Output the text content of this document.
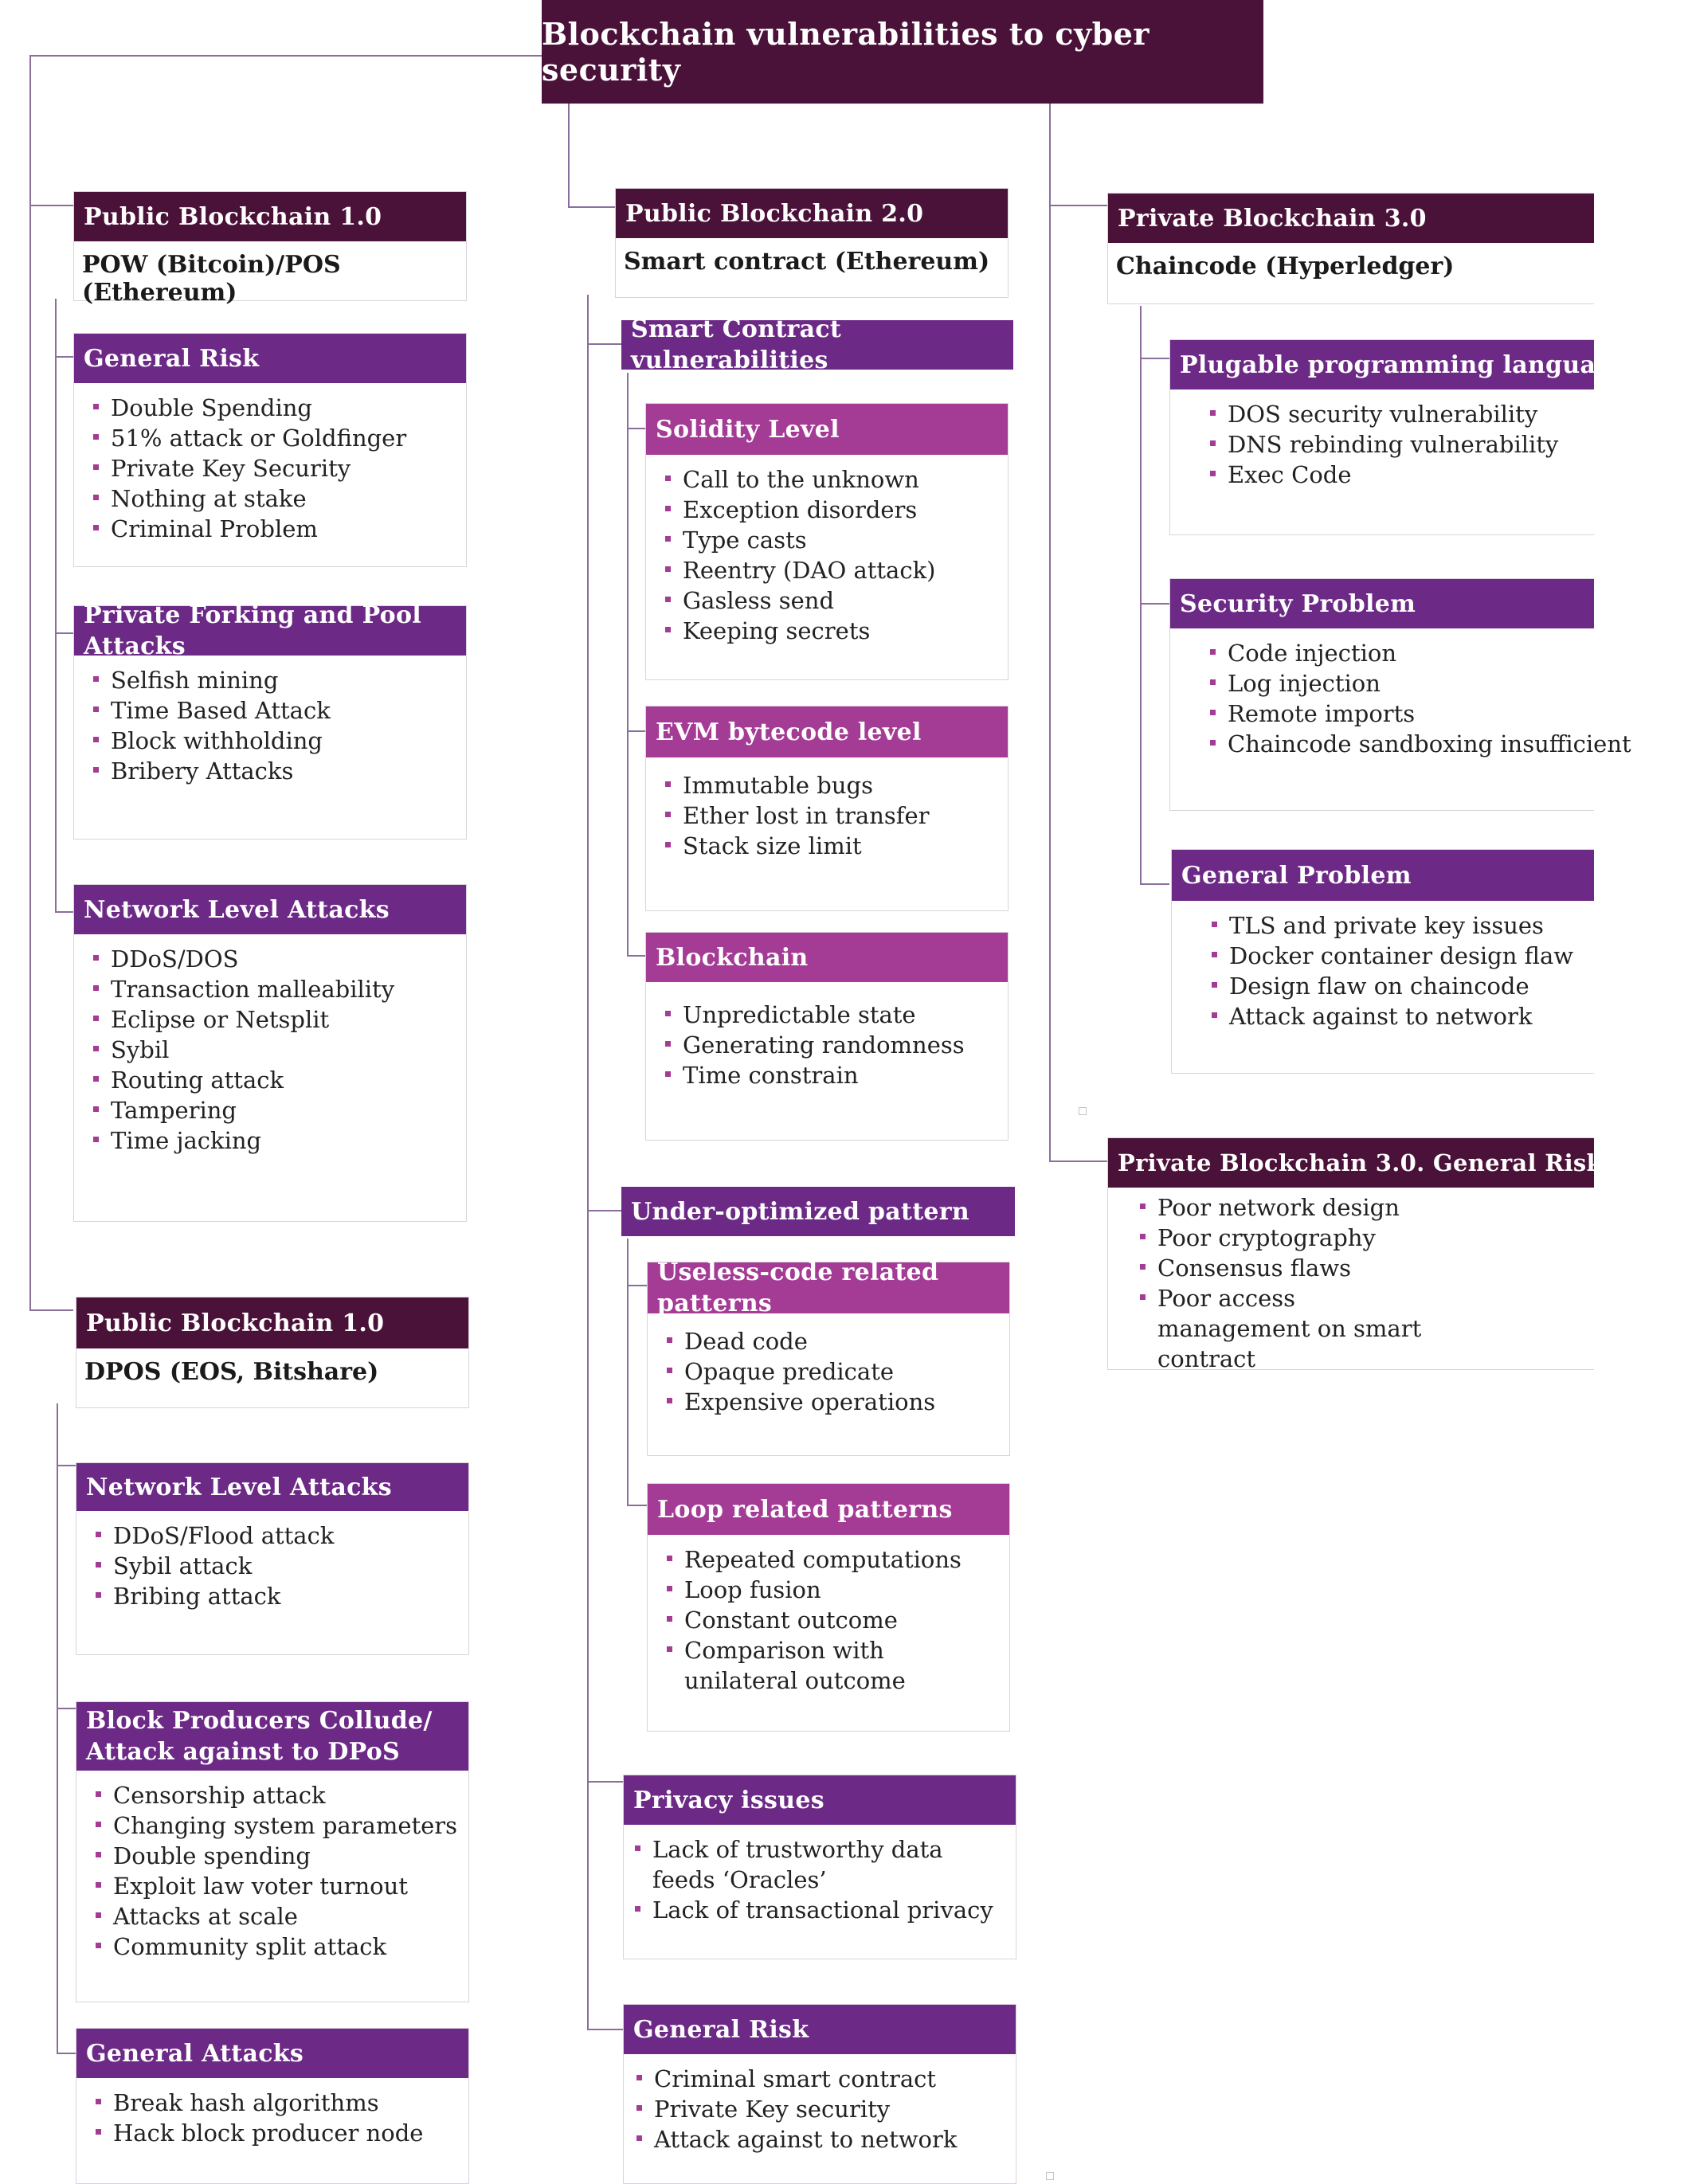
Blockchain vulnerabilities to cyber security
Public Blockchain 1.0
POW (Bitcoin)/POS (Ethereum)
General Risk
Double Spending
51% attack or Goldfinger
Private Key Security
Nothing at stake
Criminal Problem
Private Forking and Pool Attacks
Selfish mining
Time Based Attack
Block withholding
Bribery Attacks
Network Level Attacks
DDoS/DOS
Transaction malleability
Eclipse or Netsplit
Sybil
Routing attack
Tampering
Time jacking
Public Blockchain 1.0
DPOS (EOS, Bitshare)
Network Level Attacks
DDoS/Flood attack
Sybil attack
Bribing attack
Block Producers Collude/
Attack against to DPoS
Censorship attack
Changing system parameters
Double spending
Exploit law voter turnout
Attacks at scale
Community split attack
General Attacks
Break hash algorithms
Hack block producer node
Public Blockchain 2.0
Smart contract (Ethereum)
Smart Contract vulnerabilities
Solidity Level
Call to the unknown
Exception disorders
Type casts
Reentry (DAO attack)
Gasless send
Keeping secrets
EVM bytecode level
Immutable bugs
Ether lost in transfer
Stack size limit
Blockchain
Unpredictable state
Generating randomness
Time constrain
Under-optimized pattern
Useless-code related patterns
Dead code
Opaque predicate
Expensive operations
Loop related patterns
Repeated computations
Loop fusion
Constant outcome
Comparison with unilateral outcome
Privacy issues
Lack of trustworthy data feeds ‘Oracles’
Lack of transactional privacy
General Risk
Criminal smart contract
Private Key security
Attack against to network
Private Blockchain 3.0
Chaincode (Hyperledger)
Plugable programming language bug
DOS security vulnerability
DNS rebinding vulnerability
Exec Code
Security Problem
Code injection
Log injection
Remote imports
Chaincode sandboxing insufficient
General Problem
TLS and private key issues
Docker container design flaw
Design flaw on chaincode
Attack against to network
Private Blockchain 3.0. General Risk
Poor network design
Poor cryptography
Consensus flaws
Poor access management on smart contract
